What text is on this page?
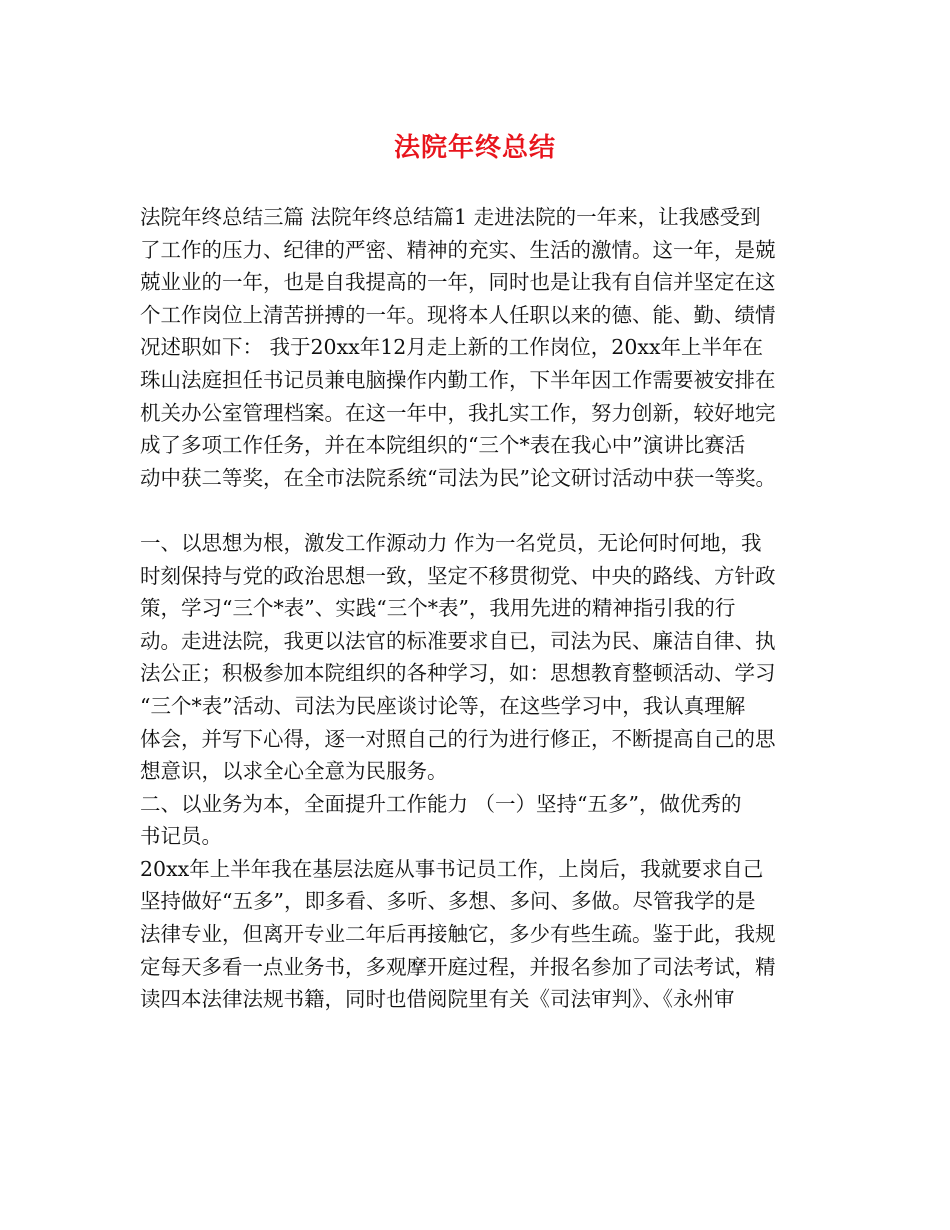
法院年终总结
法院年终总结三篇 法院年终总结篇1 走进法院的一年来，让我感受到
了工作的压力、纪律的严密、精神的充实、生活的激情。这一年，是兢
兢业业的一年，也是自我提高的一年，同时也是让我有自信并坚定在这
个工作岗位上清苦拼搏的一年。现将本人任职以来的德、能、勤、绩情
况述职如下： 我于20xx年12月走上新的工作岗位，20xx年上半年在
珠山法庭担任书记员兼电脑操作内勤工作，下半年因工作需要被安排在
机关办公室管理档案。在这一年中，我扎实工作，努力创新，较好地完
成了多项工作任务，并在本院组织的“三个*表在我心中”演讲比赛活
动中获二等奖，在全市法院系统“司法为民”论文研讨活动中获一等奖。
一、以思想为根，激发工作源动力 作为一名党员，无论何时何地，我
时刻保持与党的政治思想一致，坚定不移贯彻党、中央的路线、方针政
策，学习“三个*表”、实践“三个*表”，我用先进的精神指引我的行
动。走进法院，我更以法官的标准要求自已，司法为民、廉洁自律、执
法公正；积极参加本院组织的各种学习，如：思想教育整顿活动、学习
“三个*表”活动、司法为民座谈讨论等，在这些学习中，我认真理解
体会，并写下心得，逐一对照自己的行为进行修正，不断提高自己的思
想意识，以求全心全意为民服务。
二、以业务为本，全面提升工作能力 （一）坚持“五多”，做优秀的
书记员。
20xx年上半年我在基层法庭从事书记员工作，上岗后，我就要求自己
坚持做好“五多”，即多看、多听、多想、多问、多做。尽管我学的是
法律专业，但离开专业二年后再接触它，多少有些生疏。鉴于此，我规
定每天多看一点业务书，多观摩开庭过程，并报名参加了司法考试，精
读四本法律法规书籍，同时也借阅院里有关《司法审判》、《永州审
